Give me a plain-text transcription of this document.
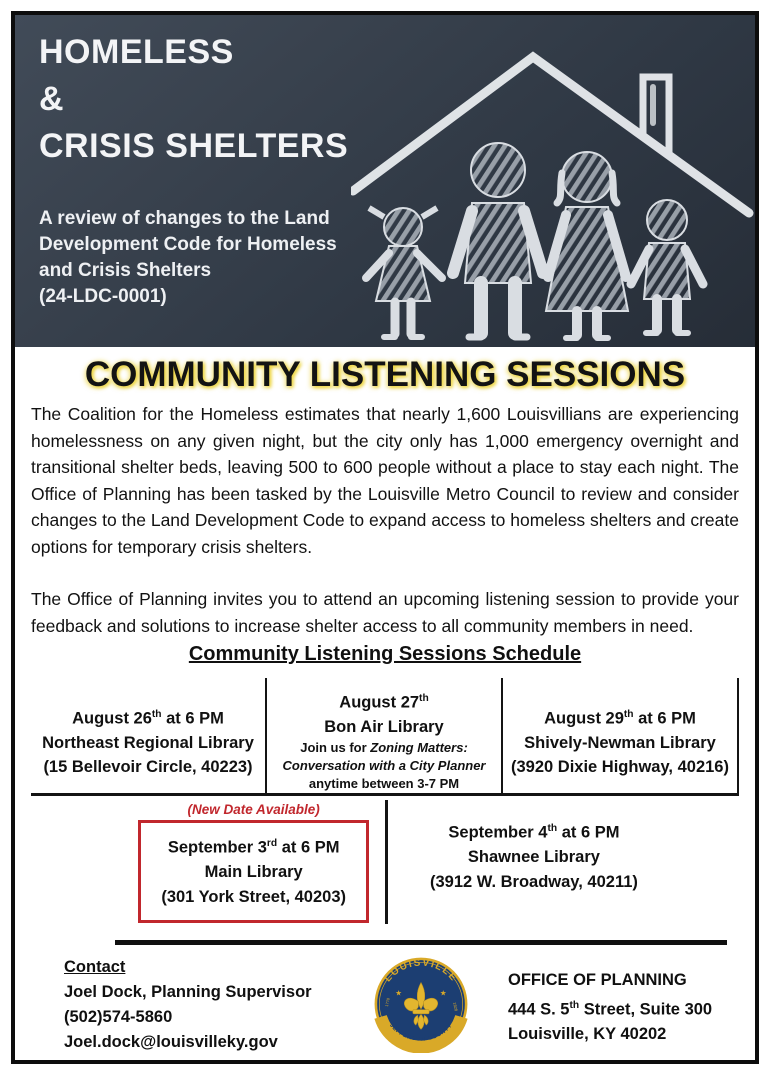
HOMELESS
&
CRISIS SHELTERS
A review of changes to the Land
Development Code for Homeless
and Crisis Shelters
(24-LDC-0001)
COMMUNITY LISTENING SESSIONS

The Coalition for the Homeless estimates that nearly 1,600 Louisvillians are experiencing homelessness on any given night, but the city only has 1,000 emergency overnight and transitional shelter beds, leaving 500 to 600 people without a place to stay each night. The Office of Planning has been tasked by the Louisville Metro Council to review and consider changes to the Land Development Code to expand access to homeless shelters and create options for temporary crisis shelters.

The Office of Planning invites you to attend an upcoming listening session to provide your feedback and solutions to increase shelter access to all community members in need.

Community Listening Sessions Schedule
August 26th at 6 PM
Northeast Regional Library
(15 Bellevoir Circle, 40223)
August 27th
Bon Air Library
Join us for Zoning Matters:
Conversation with a City Planner
anytime between 3-7 PM
August 29th at 6 PM
Shively-Newman Library
(3920 Dixie Highway, 40216)
(New Date Available)
September 3rd at 6 PM
Main Library
(301 York Street, 40203)
September 4th at 6 PM
Shawnee Library
(3912 W. Broadway, 40211)
Contact
Joel Dock, Planning Supervisor
(502)574-5860
Joel.dock@louisvilleky.gov
LOUISVILLE
JEFFERSON COUNTY
1778	1828
★	★
OFFICE OF PLANNING
444 S. 5th Street, Suite 300
Louisville, KY 40202
